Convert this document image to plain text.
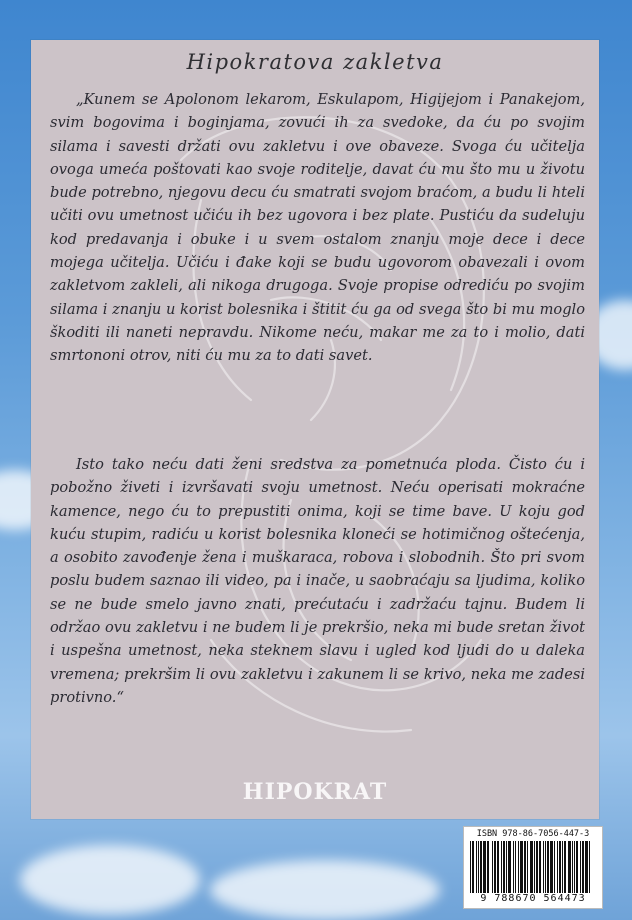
Hipokratova zakletva

„Kunem se Apolonom lekarom, Eskulapom, Higijejom i Panakejom, svim bogovima i boginjama, zovući ih za svedoke, da ću po svojim silama i savesti držati ovu zakletvu i ove obaveze. Svoga ću učitelja ovoga umeća poštovati kao svoje roditelje, davat ću mu što mu u životu bude potrebno, njegovu decu ću smatrati svojom braćom, a budu li hteli učiti ovu umetnost učiću ih bez ugovora i bez plate. Pustiću da sudeluju kod predavanja i obuke i u svem ostalom znanju moje dece i dece mojega učitelja. Učiću i đake koji se budu ugovorom obavezali i ovom zakletvom zakleli, ali nikoga drugoga. Svoje propise odrediću po svojim silama i znanju u korist bolesnika i štitit ću ga od svega što bi mu moglo škoditi ili naneti nepravdu. Nikome neću, makar me za to i molio, dati smrtononi otrov, niti ću mu za to dati savet.

Isto tako neću dati ženi sredstva za pometnuća ploda. Čisto ću i pobožno živeti i izvršavati svoju umetnost. Neću operisati mokraćne kamence, nego ću to prepustiti onima, koji se time bave. U koju god kuću stupim, radiću u korist bolesnika kloneći se hotimičnog oštećenja, a osobito zavođenje žena i muškaraca, robova i slobodnih. Što pri svom poslu budem saznao ili video, pa i inače, u saobraćaju sa ljudima, koliko se ne bude smelo javno znati, prećutaću i zadržaću tajnu. Budem li održao ovu zakletvu i ne budem li je prekršio, neka mi bude sretan život i uspešna umetnost, neka steknem slavu i ugled kod ljudi do u daleka vremena; prekršim li ovu zakletvu i zakunem li se krivo, neka me zadesi protivno.“

HIPOKRAT
ISBN 978-86-7056-447-3
9 788670 564473
